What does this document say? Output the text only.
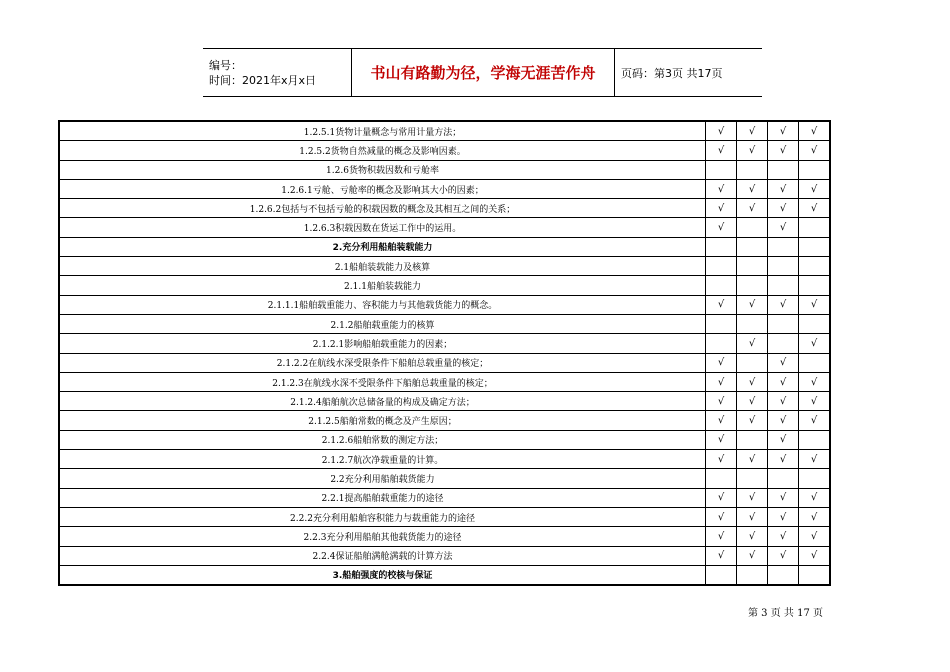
编号：
时间：2021年x月x日	书山有路勤为径，学海无涯苦作舟	页码：第3页 共17页
1.2.5.1货物计量概念与常用计量方法；	√	√	√	√
1.2.5.2货物自然减量的概念及影响因素。	√	√	√	√
1.2.6货物积载因数和亏舱率				
1.2.6.1亏舱、亏舱率的概念及影响其大小的因素；	√	√	√	√
1.2.6.2包括与不包括亏舱的积载因数的概念及其相互之间的关系；	√	√	√	√
1.2.6.3积载因数在货运工作中的运用。	√		√	
2.充分利用船舶装载能力				
2.1船舶装载能力及核算				
2.1.1船舶装载能力				
2.1.1.1船舶载重能力、容积能力与其他载货能力的概念。	√	√	√	√
2.1.2船舶载重能力的核算				
2.1.2.1影响船舶载重能力的因素；		√		√
2.1.2.2在航线水深受限条件下船舶总载重量的核定；	√		√	
2.1.2.3在航线水深不受限条件下船舶总载重量的核定；	√	√	√	√
2.1.2.4船舶航次总储备量的构成及确定方法；	√	√	√	√
2.1.2.5船舶常数的概念及产生原因；	√	√	√	√
2.1.2.6船舶常数的测定方法；	√		√	
2.1.2.7航次净载重量的计算。	√	√	√	√
2.2充分利用船舶载货能力				
2.2.1提高船舶载重能力的途径	√	√	√	√
2.2.2充分利用船舶容积能力与载重能力的途径	√	√	√	√
2.2.3充分利用船舶其他载货能力的途径	√	√	√	√
2.2.4保证船舶满舱满载的计算方法	√	√	√	√
3.船舶强度的校核与保证				
第 3 页 共 17 页
